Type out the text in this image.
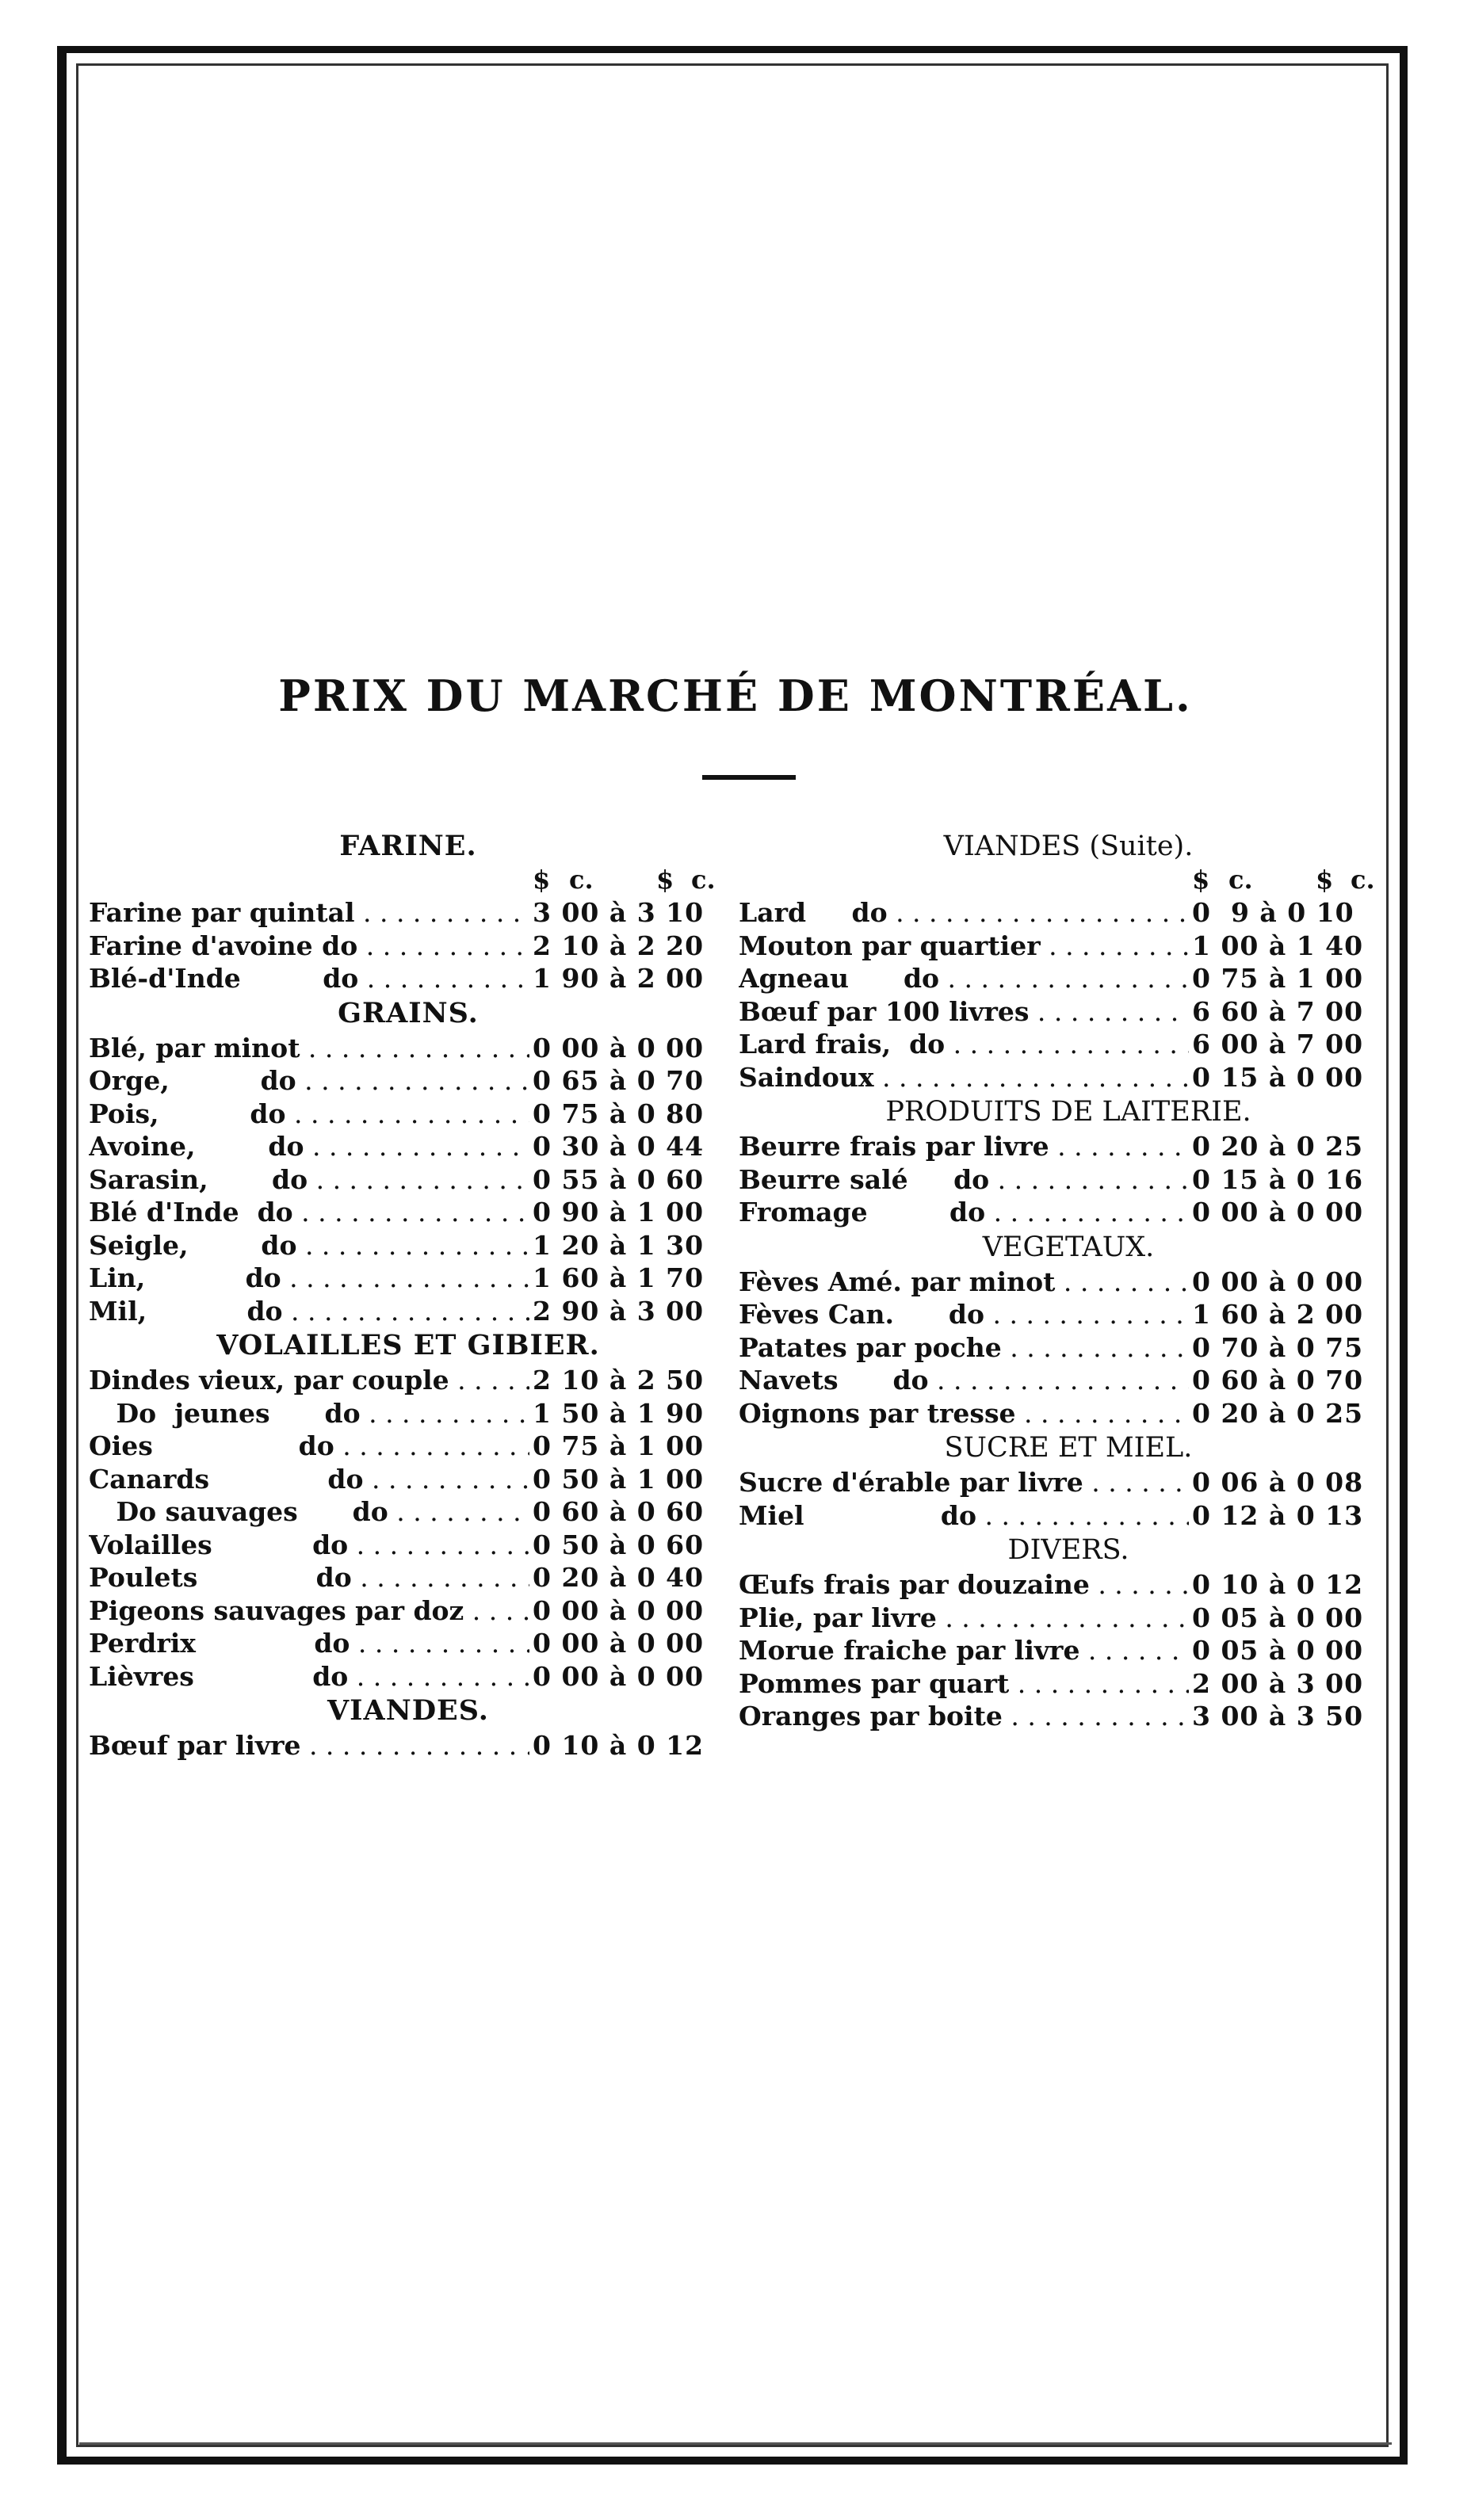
PRIX DU MARCHÉ DE MONTRÉAL.
FARINE.
$ c. $ c.
Farine par quintal . . .	3 00 à 3 10
Farine d'avoine do . . .	2 10 à 2 20
Blé-d'Inde         do . . .	1 90 à 2 00
GRAINS.
Blé, par minot . . .	0 00 à 0 00
Orge,          do . . .	0 65 à 0 70
Pois,          do . . .	0 75 à 0 80
Avoine,        do . . .	0 30 à 0 44
Sarasin,       do . . .	0 55 à 0 60
Blé d'Inde  do . . .	0 90 à 1 00
Seigle,        do . . .	1 20 à 1 30
Lin,           do . . .	1 60 à 1 70
Mil,           do . . .	2 90 à 3 00
VOLAILLES ET GIBIER.
Dindes vieux, par couple . . .	2 10 à 2 50
Do  jeunes      do . . .	1 50 à 1 90
Oies                do . . .	0 75 à 1 00
Canards             do . . .	0 50 à 1 00
Do sauvages      do . . .	0 60 à 0 60
Volailles           do . . .	0 50 à 0 60
Poulets             do . . .	0 20 à 0 40
Pigeons sauvages par doz . . .	0 00 à 0 00
Perdrix             do . . .	0 00 à 0 00
Lièvres             do . . .	0 00 à 0 00
VIANDES.
Bœuf par livre . . .	0 10 à 0 12
VIANDES (Suite).
$ c. $ c.
Lard     do . . .	0  9 à 0 10
Mouton par quartier . . .	1 00 à 1 40
Agneau      do . . .	0 75 à 1 00
Bœuf par 100 livres . . .	6 60 à 7 00
Lard frais,  do . . .	6 00 à 7 00
Saindoux . . .	0 15 à 0 00
PRODUITS DE LAITERIE.
Beurre frais par livre . . .	0 20 à 0 25
Beurre salé     do . . .	0 15 à 0 16
Fromage         do . . .	0 00 à 0 00
VEGETAUX.
Fèves Amé. par minot . . .	0 00 à 0 00
Fèves Can.      do . . .	1 60 à 2 00
Patates par poche . . .	0 70 à 0 75
Navets      do . . .	0 60 à 0 70
Oignons par tresse . . .	0 20 à 0 25
SUCRE ET MIEL.
Sucre d'érable par livre . . .	0 06 à 0 08
Miel               do . . .	0 12 à 0 13
DIVERS.
Œufs frais par douzaine . . .	0 10 à 0 12
Plie, par livre . . .	0 05 à 0 00
Morue fraiche par livre . . .	0 05 à 0 00
Pommes par quart . . .	2 00 à 3 00
Oranges par boite . . .	3 00 à 3 50
